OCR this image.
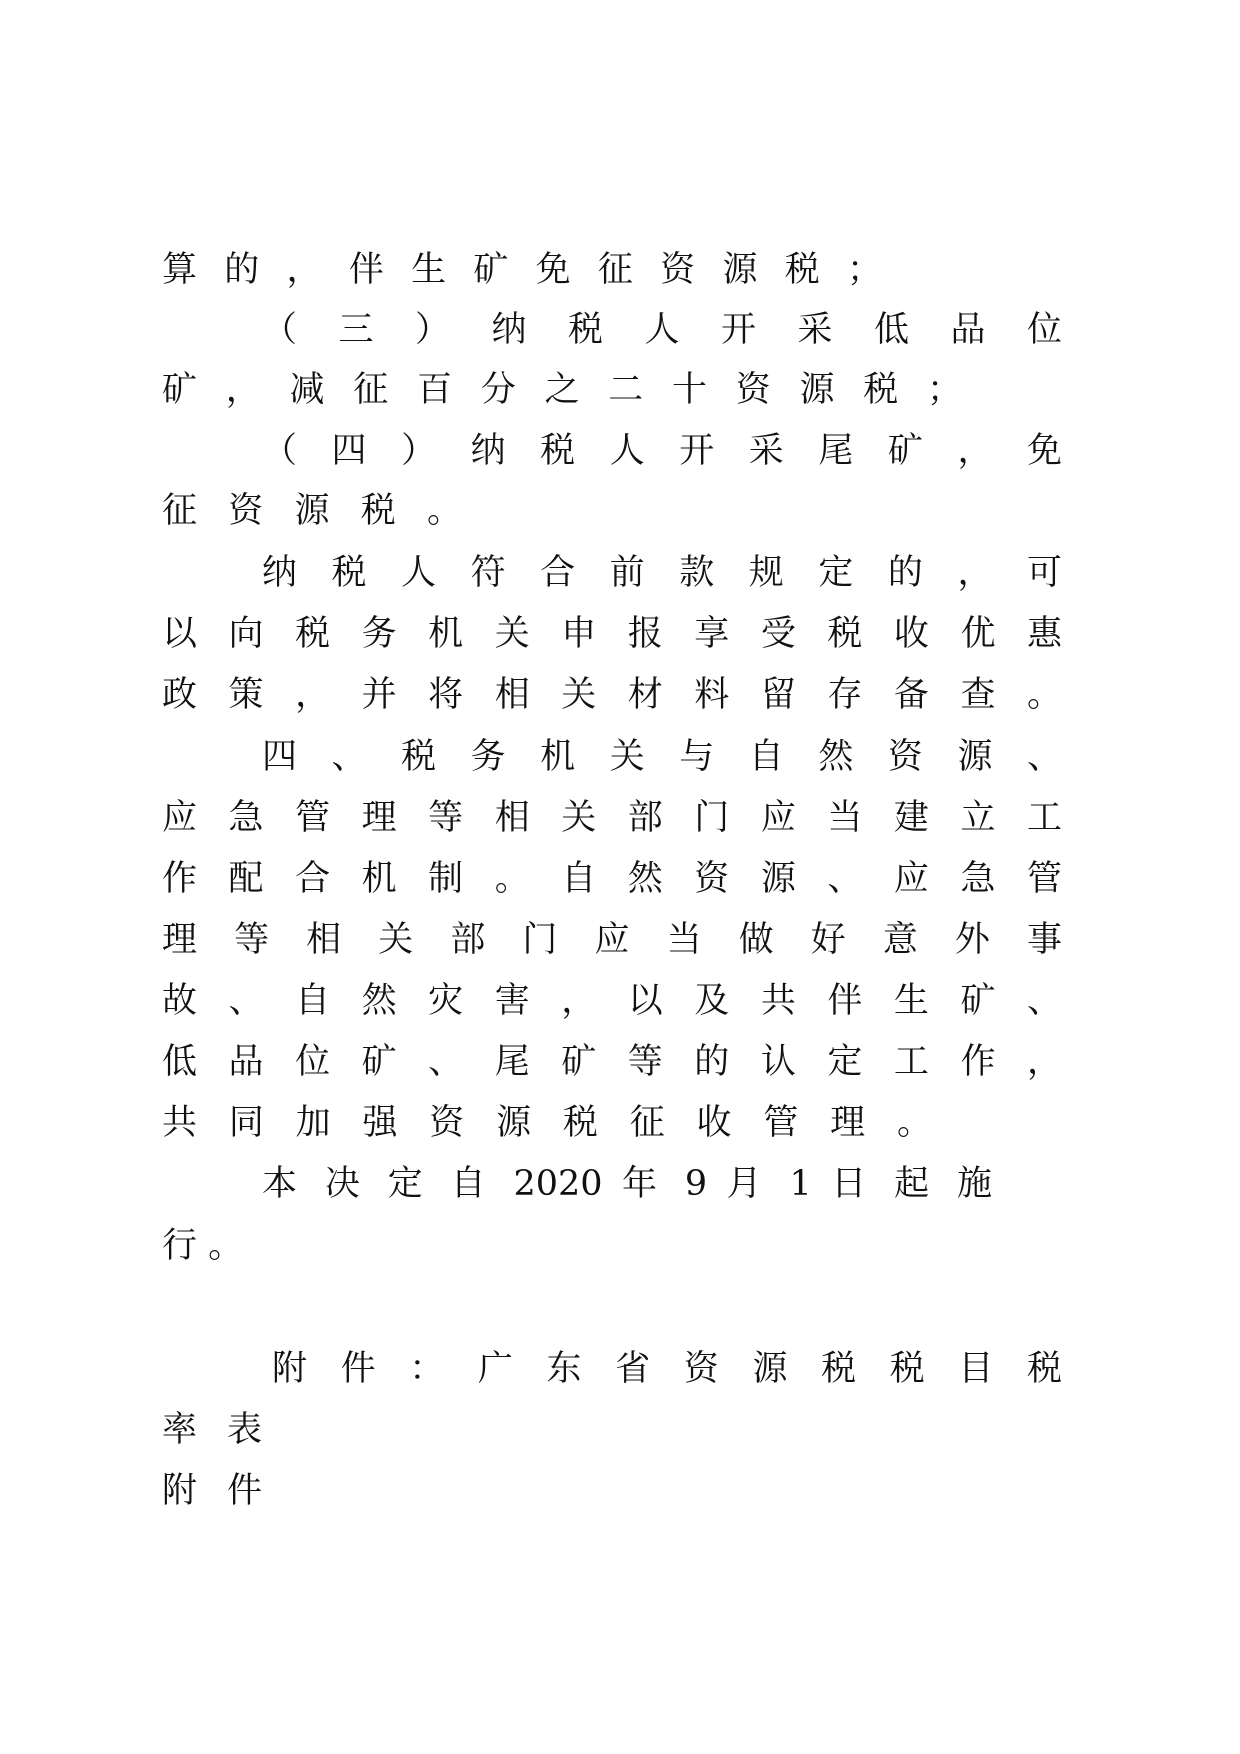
算 的 ， 伴 生 矿 免 征 资 源 税 ；
（ 三 ） 纳 税 人 开 采 低 品 位
矿 ， 减 征 百 分 之 二 十 资 源 税 ；
（ 四 ） 纳 税 人 开 采 尾 矿 ， 免
征 资 源 税 。
纳 税 人 符 合 前 款 规 定 的 ， 可
以 向 税 务 机 关 申 报 享 受 税 收 优 惠
政 策 ， 并 将 相 关 材 料 留 存 备 查 。
四 、 税 务 机 关 与 自 然 资 源 、
应 急 管 理 等 相 关 部 门 应 当 建 立 工
作 配 合 机 制 。 自 然 资 源 、 应 急 管
理 等 相 关 部 门 应 当 做 好 意 外 事
故 、 自 然 灾 害 ， 以 及 共 伴 生 矿 、
低 品 位 矿 、 尾 矿 等 的 认 定 工 作 ，
共 同 加 强 资 源 税 征 收 管 理 。
本 决 定 自 2020 年 9 月 1 日 起 施
行 。
附 件 ： 广 东 省 资 源 税 税 目 税
率 表
附 件
